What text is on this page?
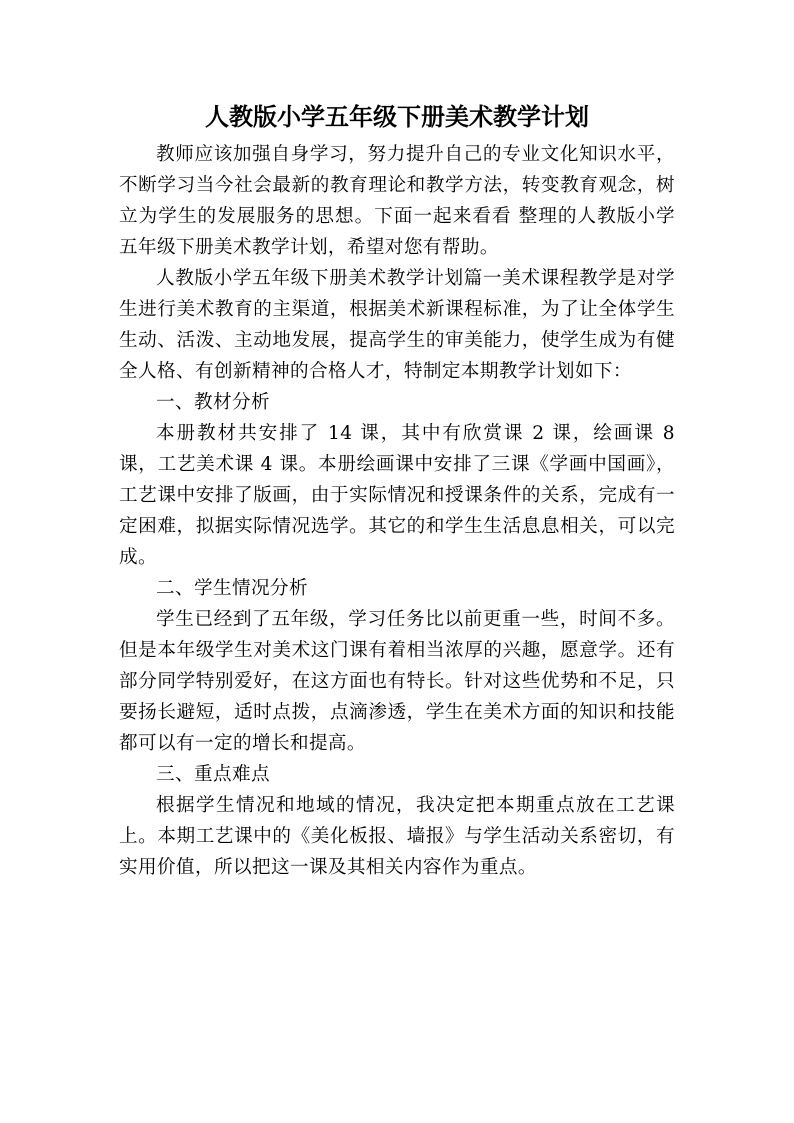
人教版小学五年级下册美术教学计划

教师应该加强自身学习，努力提升自己的专业文化知识水平，不断学习当今社会最新的教育理论和教学方法，转变教育观念，树立为学生的发展服务的思想。下面一起来看看 整理的人教版小学五年级下册美术教学计划，希望对您有帮助。

人教版小学五年级下册美术教学计划篇一美术课程教学是对学生进行美术教育的主渠道，根据美术新课程标准，为了让全体学生生动、活泼、主动地发展，提高学生的审美能力，使学生成为有健全人格、有创新精神的合格人才，特制定本期教学计划如下：

一、教材分析

本册教材共安排了 14 课，其中有欣赏课 2 课，绘画课 8 课，工艺美术课 4 课。本册绘画课中安排了三课《学画中国画》，工艺课中安排了版画，由于实际情况和授课条件的关系，完成有一定困难，拟据实际情况选学。其它的和学生生活息息相关，可以完成。

二、学生情况分析

学生已经到了五年级，学习任务比以前更重一些，时间不多。但是本年级学生对美术这门课有着相当浓厚的兴趣，愿意学。还有部分同学特别爱好，在这方面也有特长。针对这些优势和不足，只要扬长避短，适时点拨，点滴渗透，学生在美术方面的知识和技能都可以有一定的增长和提高。

三、重点难点

根据学生情况和地域的情况，我决定把本期重点放在工艺课上。本期工艺课中的《美化板报、墙报》与学生活动关系密切，有实用价值，所以把这一课及其相关内容作为重点。
